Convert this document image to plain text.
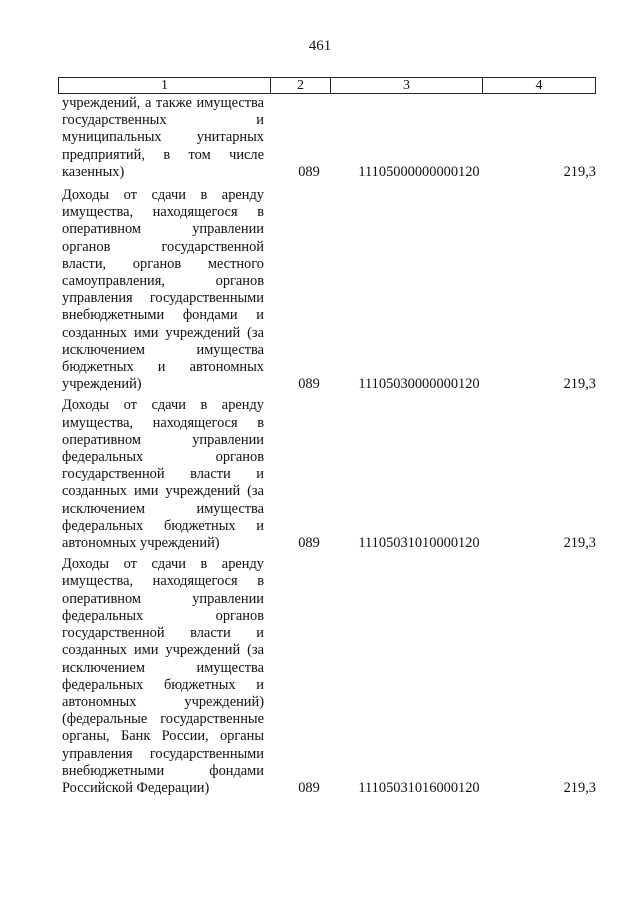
461
1	2	3	4
учреждений, а также имущества государственных и муниципальных унитарных предприятий, в том числе казенных)	089	11105000000000120	219,3
Доходы от сдачи в аренду имущества, находящегося в оперативном управлении органов государственной власти, органов местного самоуправления, органов управления государственными внебюджетными фондами и созданных ими учреждений (за исключением имущества бюджетных и автономных учреждений)	089	11105030000000120	219,3
Доходы от сдачи в аренду имущества, находящегося в оперативном управлении федеральных органов государственной власти и созданных ими учреждений (за исключением имущества федеральных бюджетных и автономных учреждений)	089	11105031010000120	219,3
Доходы от сдачи в аренду имущества, находящегося в оперативном управлении федеральных органов государственной власти и созданных ими учреждений (за исключением имущества федеральных бюджетных и автономных учреждений) (федеральные государственные органы, Банк России, органы управления государственными внебюджетными фондами Российской Федерации)	089	11105031016000120	219,3
